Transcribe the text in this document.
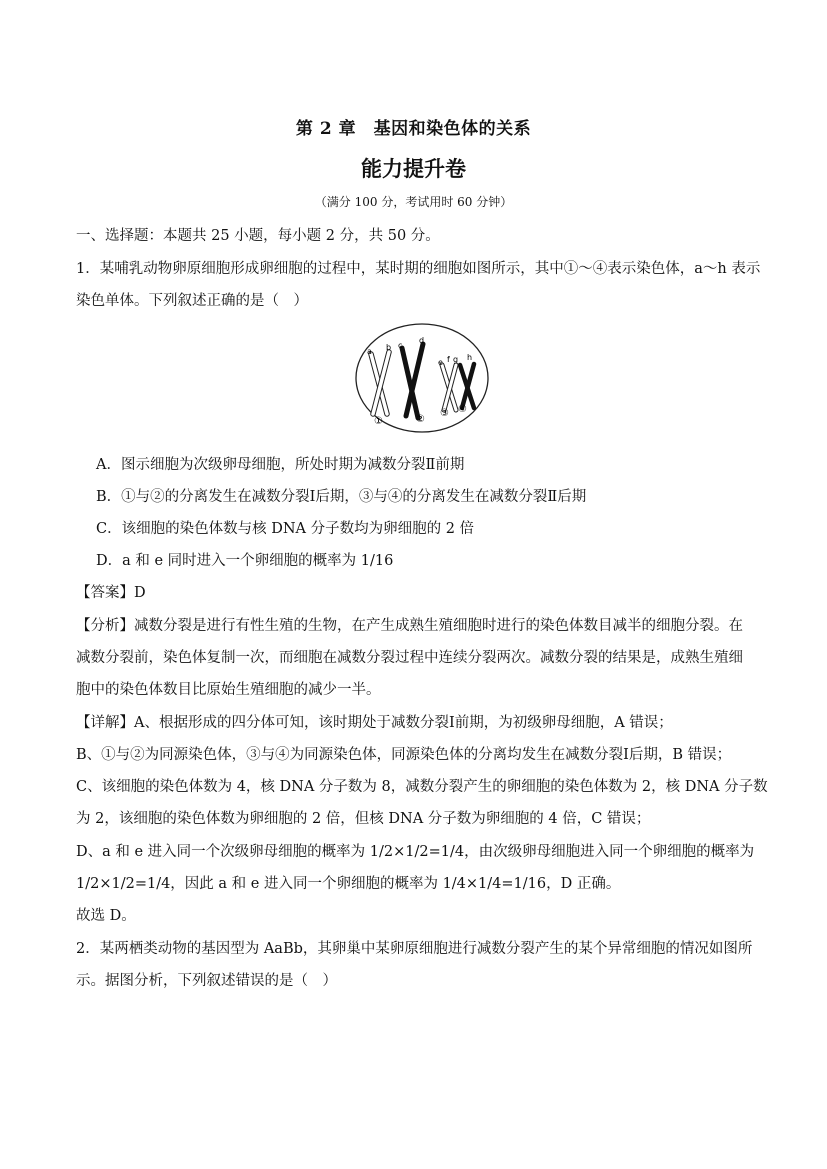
第 2 章　基因和染色体的关系
能力提升卷
（满分 100 分，考试用时 60 分钟）
一、选择题：本题共 25 小题，每小题 2 分，共 50 分。
1．某哺乳动物卵原细胞形成卵细胞的过程中，某时期的细胞如图所示，其中①～④表示染色体，a～h 表示
染色单体。下列叙述正确的是（　）
a b c
d
e f g h
①	②
③ ④
A．图示细胞为次级卵母细胞，所处时期为减数分裂Ⅱ前期
B．①与②的分离发生在减数分裂Ⅰ后期，③与④的分离发生在减数分裂Ⅱ后期
C．该细胞的染色体数与核 DNA 分子数均为卵细胞的 2 倍
D．a 和 e 同时进入一个卵细胞的概率为 1/16
【答案】D
【分析】减数分裂是进行有性生殖的生物，在产生成熟生殖细胞时进行的染色体数目减半的细胞分裂。在
减数分裂前，染色体复制一次，而细胞在减数分裂过程中连续分裂两次。减数分裂的结果是，成熟生殖细
胞中的染色体数目比原始生殖细胞的减少一半。
【详解】A、根据形成的四分体可知，该时期处于减数分裂Ⅰ前期，为初级卵母细胞，A 错误；
B、①与②为同源染色体，③与④为同源染色体，同源染色体的分离均发生在减数分裂Ⅰ后期，B 错误；
C、该细胞的染色体数为 4，核 DNA 分子数为 8，减数分裂产生的卵细胞的染色体数为 2，核 DNA 分子数
为 2，该细胞的染色体数为卵细胞的 2 倍，但核 DNA 分子数为卵细胞的 4 倍，C 错误；
D、a 和 e 进入同一个次级卵母细胞的概率为 1/2×1/2=1/4，由次级卵母细胞进入同一个卵细胞的概率为
1/2×1/2=1/4，因此 a 和 e 进入同一个卵细胞的概率为 1/4×1/4=1/16，D 正确。
故选 D。
2．某两栖类动物的基因型为 AaBb，其卵巢中某卵原细胞进行减数分裂产生的某个异常细胞的情况如图所
示。据图分析，下列叙述错误的是（　）
